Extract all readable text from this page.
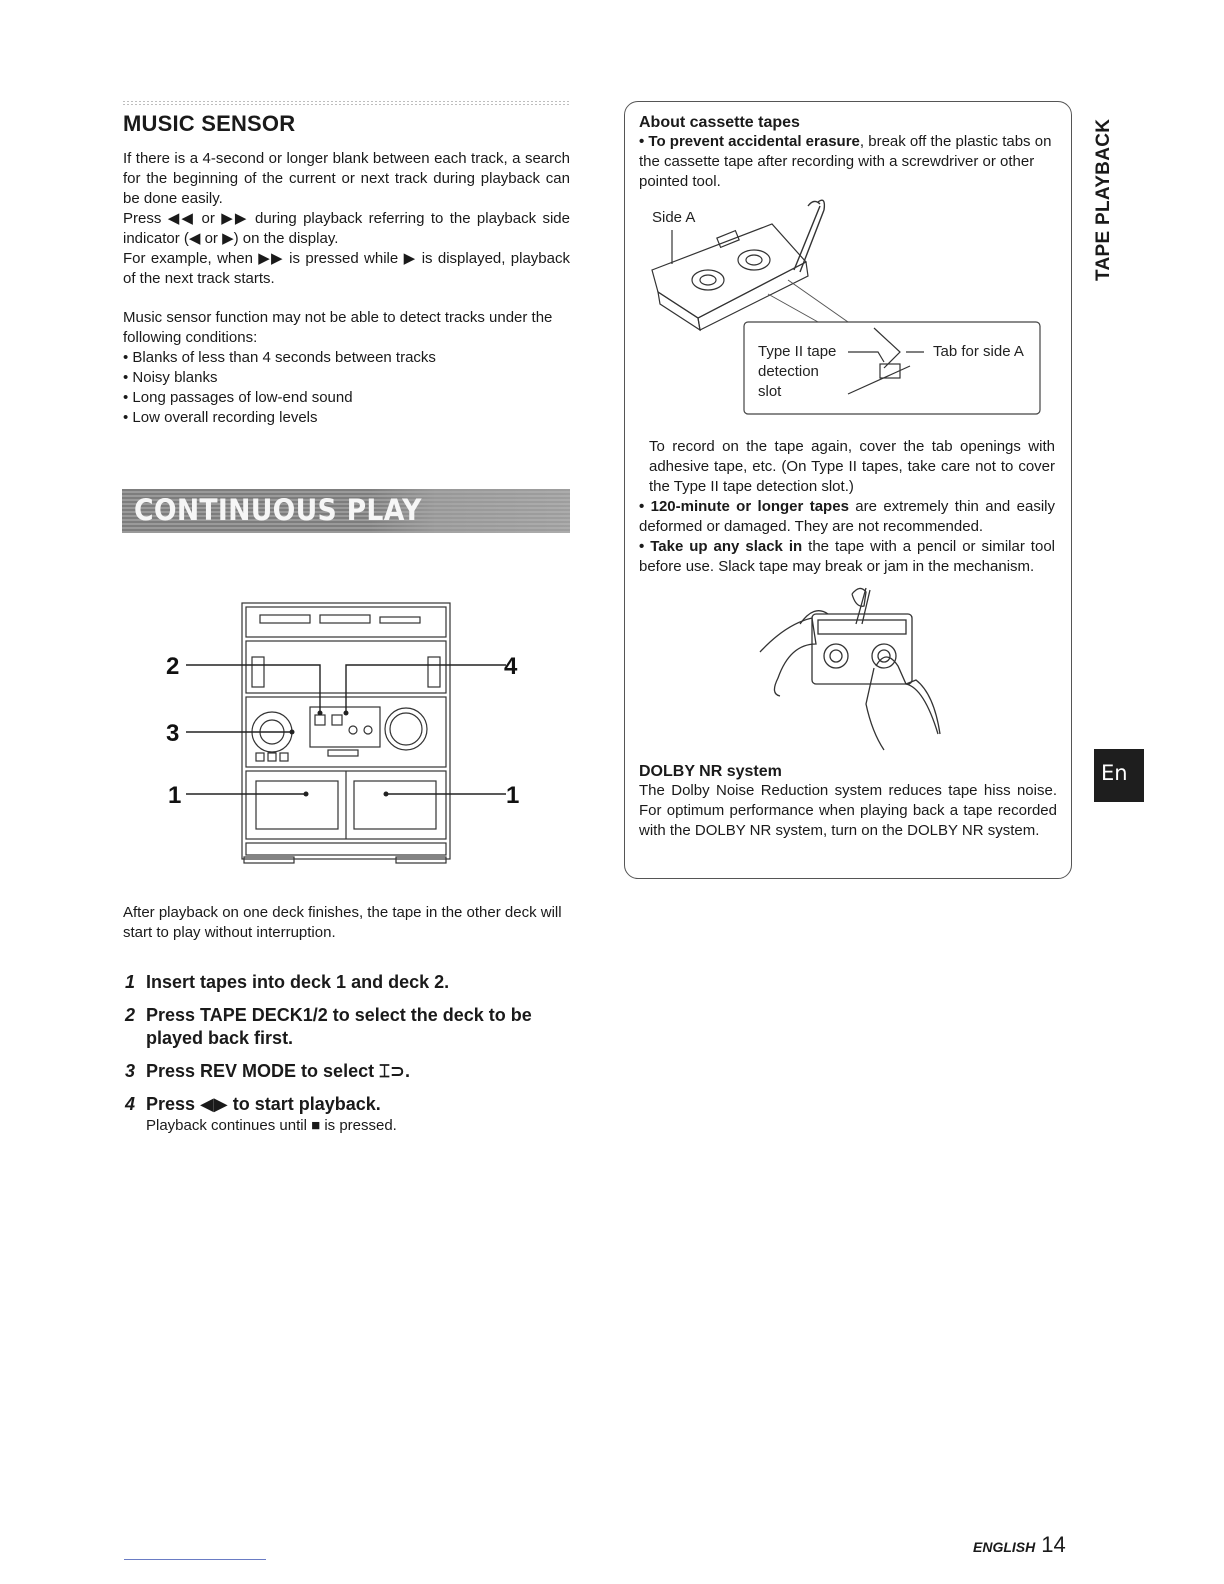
MUSIC SENSOR

If there is a 4-second or longer blank between each track, a search for the beginning of the current or next track during playback can be done easily.

Press ◀◀ or ▶▶ during playback referring to the playback side indicator (◀ or ▶) on the display.

For example, when ▶▶ is pressed while ▶ is displayed, playback of the next track starts.

Music sensor function may not be able to detect tracks under the following conditions:

• Blanks of less than 4 seconds between tracks

• Noisy blanks

• Long passages of low-end sound

• Low overall recording levels

CONTINUOUS PLAY
2
3
1
4
1

After playback on one deck finishes, the tape in the other deck will start to play without interruption.

1 Insert tapes into deck 1 and deck 2.
2 Press TAPE DECK1/2 to select the deck to be played back first.
3 Press REV MODE to select ⌶⊃.
4 Press ◀▶ to start playback.
Playback continues until ■ is pressed.
About cassette tapes

• To prevent accidental erasure, break off the plastic tabs on the cassette tape after recording with a screwdriver or other pointed tool.

Side A
Type II tape detection slot
Tab for side A

To record on the tape again, cover the tab openings with adhesive tape, etc. (On Type II tapes, take care not to cover the Type II tape detection slot.)

• 120-minute or longer tapes are extremely thin and easily deformed or damaged. They are not recommended.

• Take up any slack in the tape with a pencil or similar tool before use. Slack tape may break or jam in the mechanism.

DOLBY NR system

The Dolby Noise Reduction system reduces tape hiss noise. For optimum performance when playing back a tape recorded with the DOLBY NR system, turn on the DOLBY NR system.

TAPE PLAYBACK
En
ENGLISH 14
